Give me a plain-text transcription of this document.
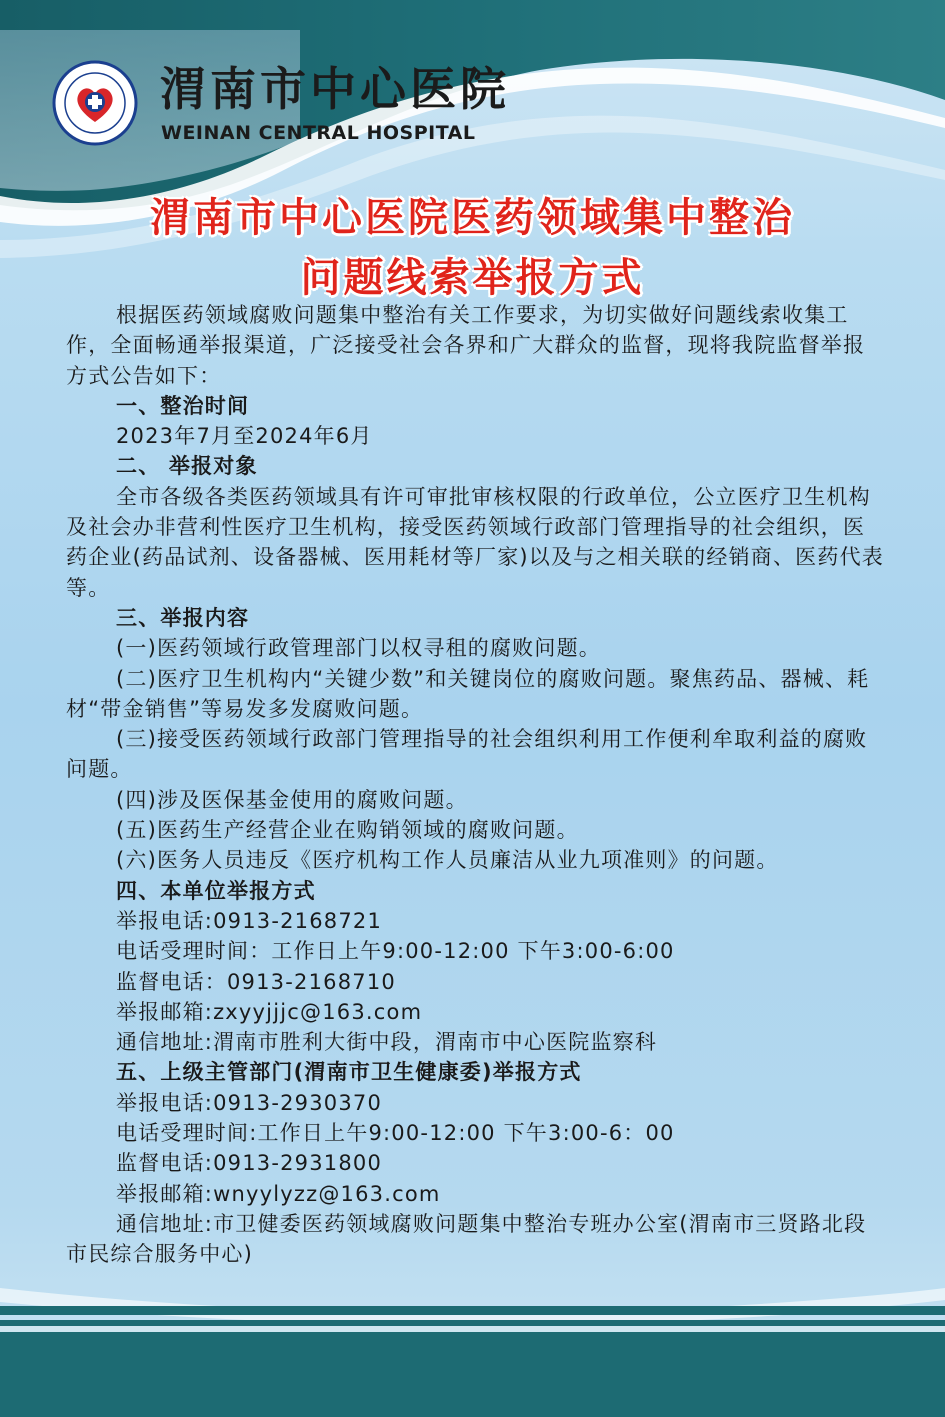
渭南市中心医院
WEINAN CENTRAL HOSPITAL
渭南市中心医院医药领域集中整治
问题线索举报方式

根据医药领域腐败问题集中整治有关工作要求，为切实做好问题线索收集工作，全面畅通举报渠道，广泛接受社会各界和广大群众的监督，现将我院监督举报方式公告如下：

一、整治时间

2023年7月至2024年6月

二、 举报对象

全市各级各类医药领域具有许可审批审核权限的行政单位，公立医疗卫生机构及社会办非营利性医疗卫生机构，接受医药领域行政部门管理指导的社会组织，医药企业(药品试剂、设备器械、医用耗材等厂家)以及与之相关联的经销商、医药代表等。

三、举报内容

(一)医药领域行政管理部门以权寻租的腐败问题。

(二)医疗卫生机构内“关键少数”和关键岗位的腐败问题。聚焦药品、器械、耗材“带金销售”等易发多发腐败问题。

(三)接受医药领域行政部门管理指导的社会组织利用工作便利牟取利益的腐败问题。

(四)涉及医保基金使用的腐败问题。

(五)医药生产经营企业在购销领域的腐败问题。

(六)医务人员违反《医疗机构工作人员廉洁从业九项准则》的问题。

四、本单位举报方式

举报电话:0913-2168721

电话受理时间：工作日上午9:00-12:00 下午3:00-6:00

监督电话：0913-2168710

举报邮箱:zxyyjjjc@163.com

通信地址:渭南市胜利大街中段，渭南市中心医院监察科

五、上级主管部门(渭南市卫生健康委)举报方式

举报电话:0913-2930370

电话受理时间:工作日上午9:00-12:00 下午3:00-6：00

监督电话:0913-2931800

举报邮箱:wnyylyzz@163.com

通信地址:市卫健委医药领域腐败问题集中整治专班办公室(渭南市三贤路北段市民综合服务中心)
